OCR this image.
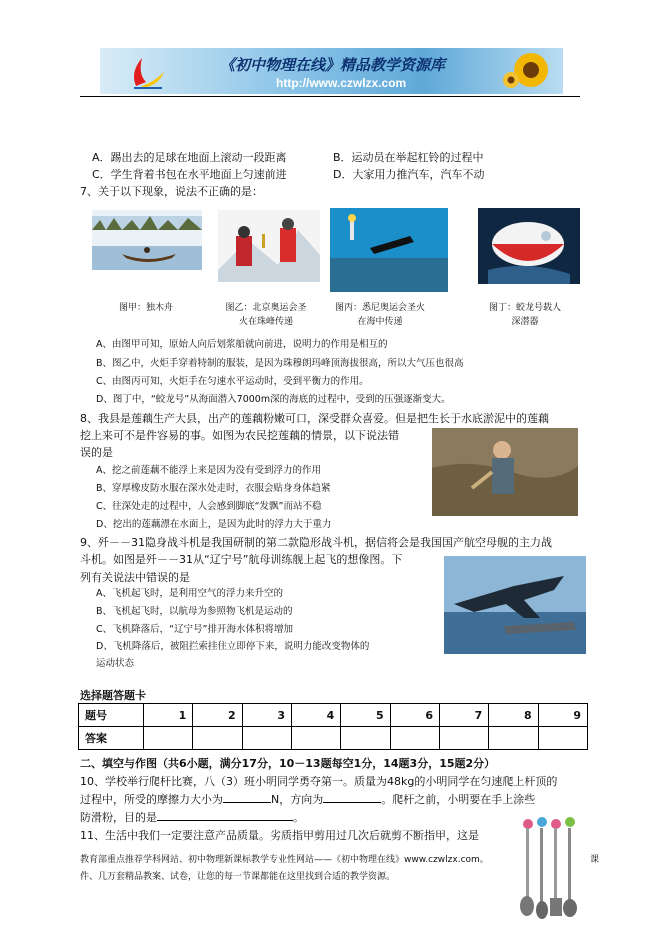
《初中物理在线》精品教学资源库
http://www.czwlzx.com
A．踢出去的足球在地面上滚动一段距离	B．运动员在举起杠铃的过程中
C．学生背着书包在水平地面上匀速前进	D．大家用力推汽车，汽车不动
7、关于以下现象，说法不正确的是：
图甲：独木舟	图乙：北京奥运会圣
火在珠峰传递
图丙：悉尼奥运会圣火
在海中传递
图丁：蛟龙号载人
深潜器
A、由图甲可知，原始人向后划浆船就向前进，说明力的作用是相互的
B、图乙中，火炬手穿着特制的服装，是因为珠穆朗玛峰顶海拔很高，所以大气压也很高
C、由图丙可知，火炬手在匀速水平运动时，受到平衡力的作用。
D、图丁中，“蛟龙号”从海面潜入7000m深的海底的过程中，受到的压强逐渐变大。
8、我县是莲藕生产大县，出产的莲藕粉嫩可口，深受群众喜爱。但是把生长于水底淤泥中的莲藕
挖上来可不是件容易的事。如图为农民挖莲藕的情景，以下说法错
误的是
A、挖之前莲藕不能浮上来是因为没有受到浮力的作用
B、穿厚橡皮防水服在深水处走时，衣服会贴身身体趋紧
C、往深处走的过程中，人会感到脚底“发飘”而站不稳
D、挖出的莲藕漂在水面上，是因为此时的浮力大于重力
9、歼－－31隐身战斗机是我国研制的第二款隐形战斗机，据信将会是我国国产航空母舰的主力战
斗机。如图是歼－－31从“辽宁号”航母训练舰上起飞的想像图。下
列有关说法中错误的是
A、飞机起飞时，是利用空气的浮力来升空的
B、飞机起飞时，以航母为参照物飞机是运动的
C、飞机降落后，“辽宁号”排开海水体积将增加
D、飞机降落后，被阻拦索挂住立即停下来，说明力能改变物体的
运动状态
选择题答题卡
题号	1	2	3	4	5	6	7	8	9
答案									
二、填空与作图（共6小题，满分17分，10－13题每空1分，14题3分，15题2分）
10、学校举行爬杆比赛，八（3）班小明同学勇夺第一。质量为48kg的小明同学在匀速爬上杆顶的
过程中，所受的摩擦力大小为	N，方向为	。爬杆之前，小明要在手上涂些
防滑粉，目的是	。
11、生活中我们一定要注意产品质量。劣质指甲剪用过几次后就剪不断指甲，这是
教育部重点推荐学科网站、初中物理新课标教学专业性网站——《初中物理在线》www.czwlzx.com。	课
件、几万套精品教案、试卷，让您的每一节课都能在这里找到合适的教学资源。
